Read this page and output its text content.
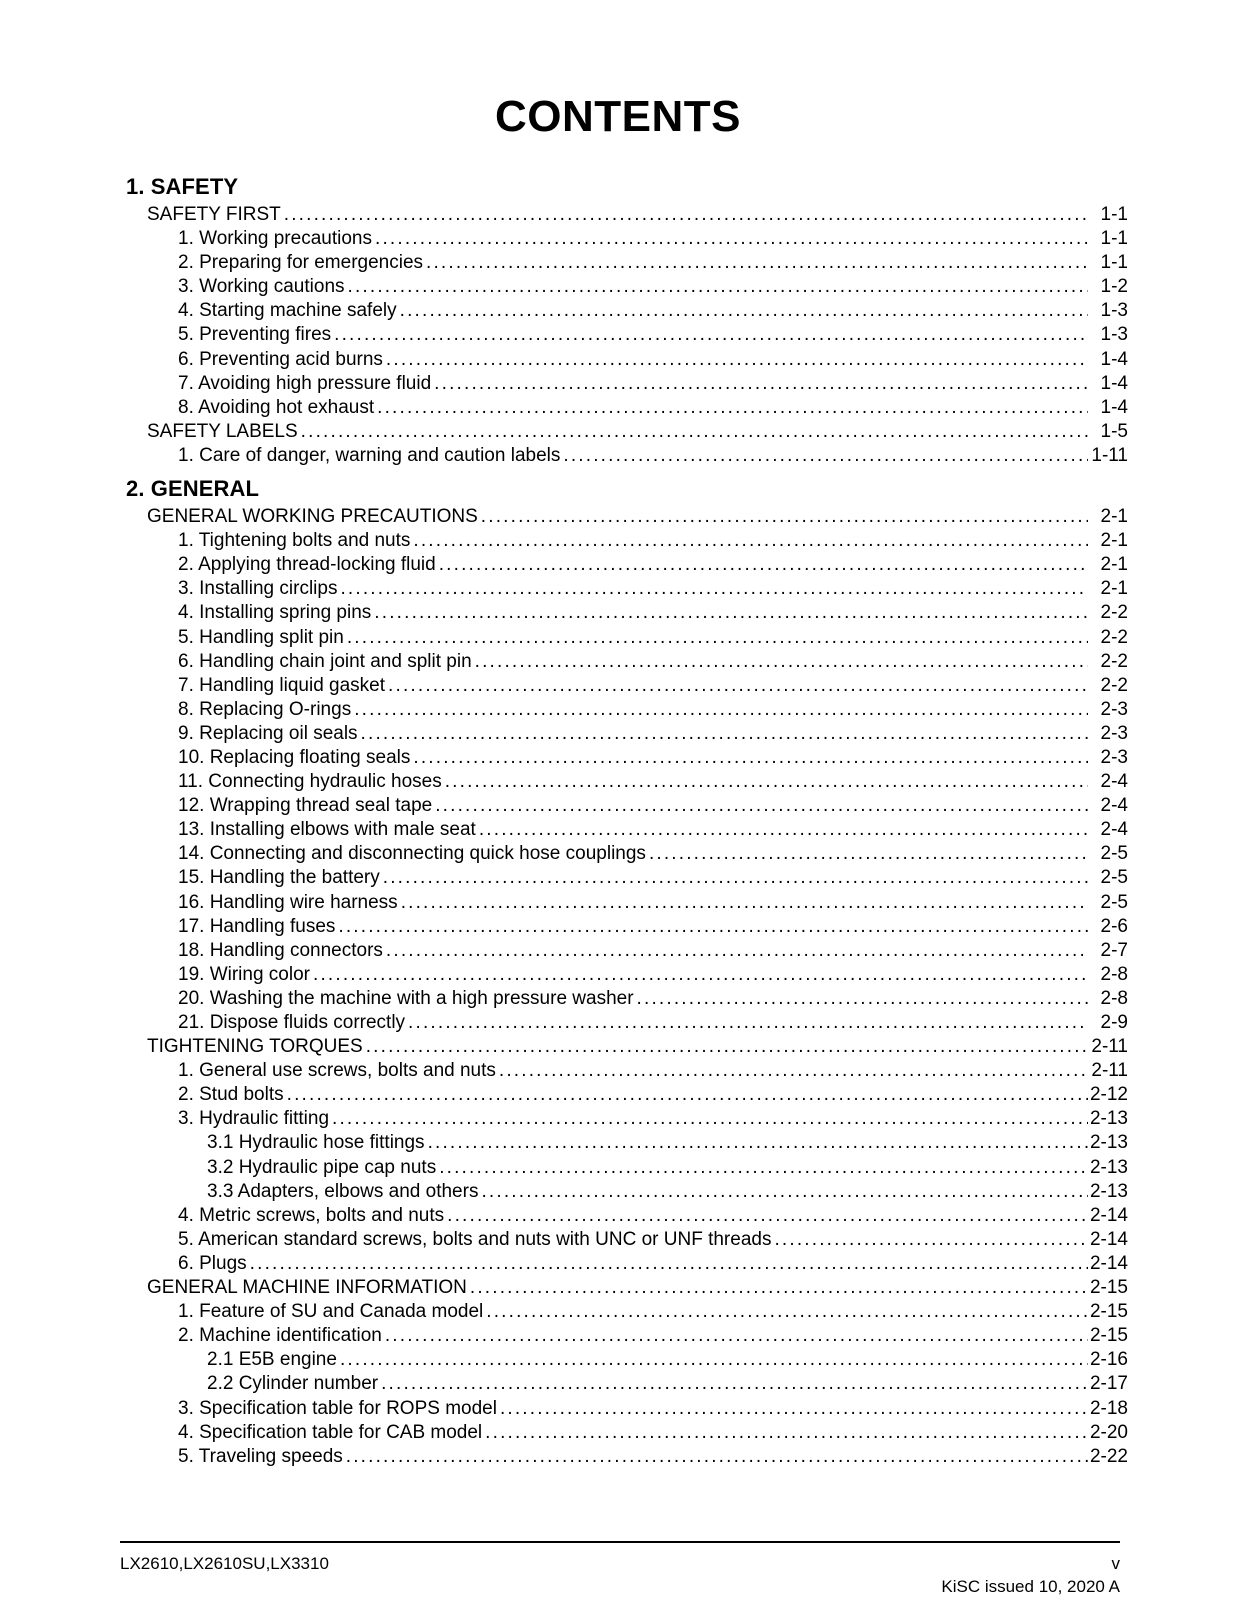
CONTENTS
1. SAFETY
SAFETY FIRST . . .	1-1
1. Working precautions . . .	1-1
2. Preparing for emergencies . . .	1-1
3. Working cautions . . .	1-2
4. Starting machine safely . . .	1-3
5. Preventing fires . . .	1-3
6. Preventing acid burns . . .	1-4
7. Avoiding high pressure fluid . . .	1-4
8. Avoiding hot exhaust . . .	1-4
SAFETY LABELS . . .	1-5
1. Care of danger, warning and caution labels . . .	1-11
2. GENERAL
GENERAL WORKING PRECAUTIONS . . .	2-1
1. Tightening bolts and nuts . . .	2-1
2. Applying thread-locking fluid . . .	2-1
3. Installing circlips . . .	2-1
4. Installing spring pins . . .	2-2
5. Handling split pin . . .	2-2
6. Handling chain joint and split pin . . .	2-2
7. Handling liquid gasket . . .	2-2
8. Replacing O-rings . . .	2-3
9. Replacing oil seals . . .	2-3
10. Replacing floating seals . . .	2-3
11. Connecting hydraulic hoses . . .	2-4
12. Wrapping thread seal tape . . .	2-4
13. Installing elbows with male seat . . .	2-4
14. Connecting and disconnecting quick hose couplings . . .	2-5
15. Handling the battery . . .	2-5
16. Handling wire harness . . .	2-5
17. Handling fuses . . .	2-6
18. Handling connectors . . .	2-7
19. Wiring color . . .	2-8
20. Washing the machine with a high pressure washer . . .	2-8
21. Dispose fluids correctly . . .	2-9
TIGHTENING TORQUES . . .	2-11
1. General use screws, bolts and nuts . . .	2-11
2. Stud bolts . . .	2-12
3. Hydraulic fitting . . .	2-13
3.1 Hydraulic hose fittings . . .	2-13
3.2 Hydraulic pipe cap nuts . . .	2-13
3.3 Adapters, elbows and others . . .	2-13
4. Metric screws, bolts and nuts . . .	2-14
5. American standard screws, bolts and nuts with UNC or UNF threads . . .	2-14
6. Plugs . . .	2-14
GENERAL MACHINE INFORMATION . . .	2-15
1. Feature of SU and Canada model . . .	2-15
2. Machine identification . . .	2-15
2.1 E5B engine . . .	2-16
2.2 Cylinder number . . .	2-17
3. Specification table for ROPS model . . .	2-18
4. Specification table for CAB model . . .	2-20
5. Traveling speeds . . .	2-22
LX2610,LX2610SU,LX3310	v
KiSC issued 10, 2020 A
